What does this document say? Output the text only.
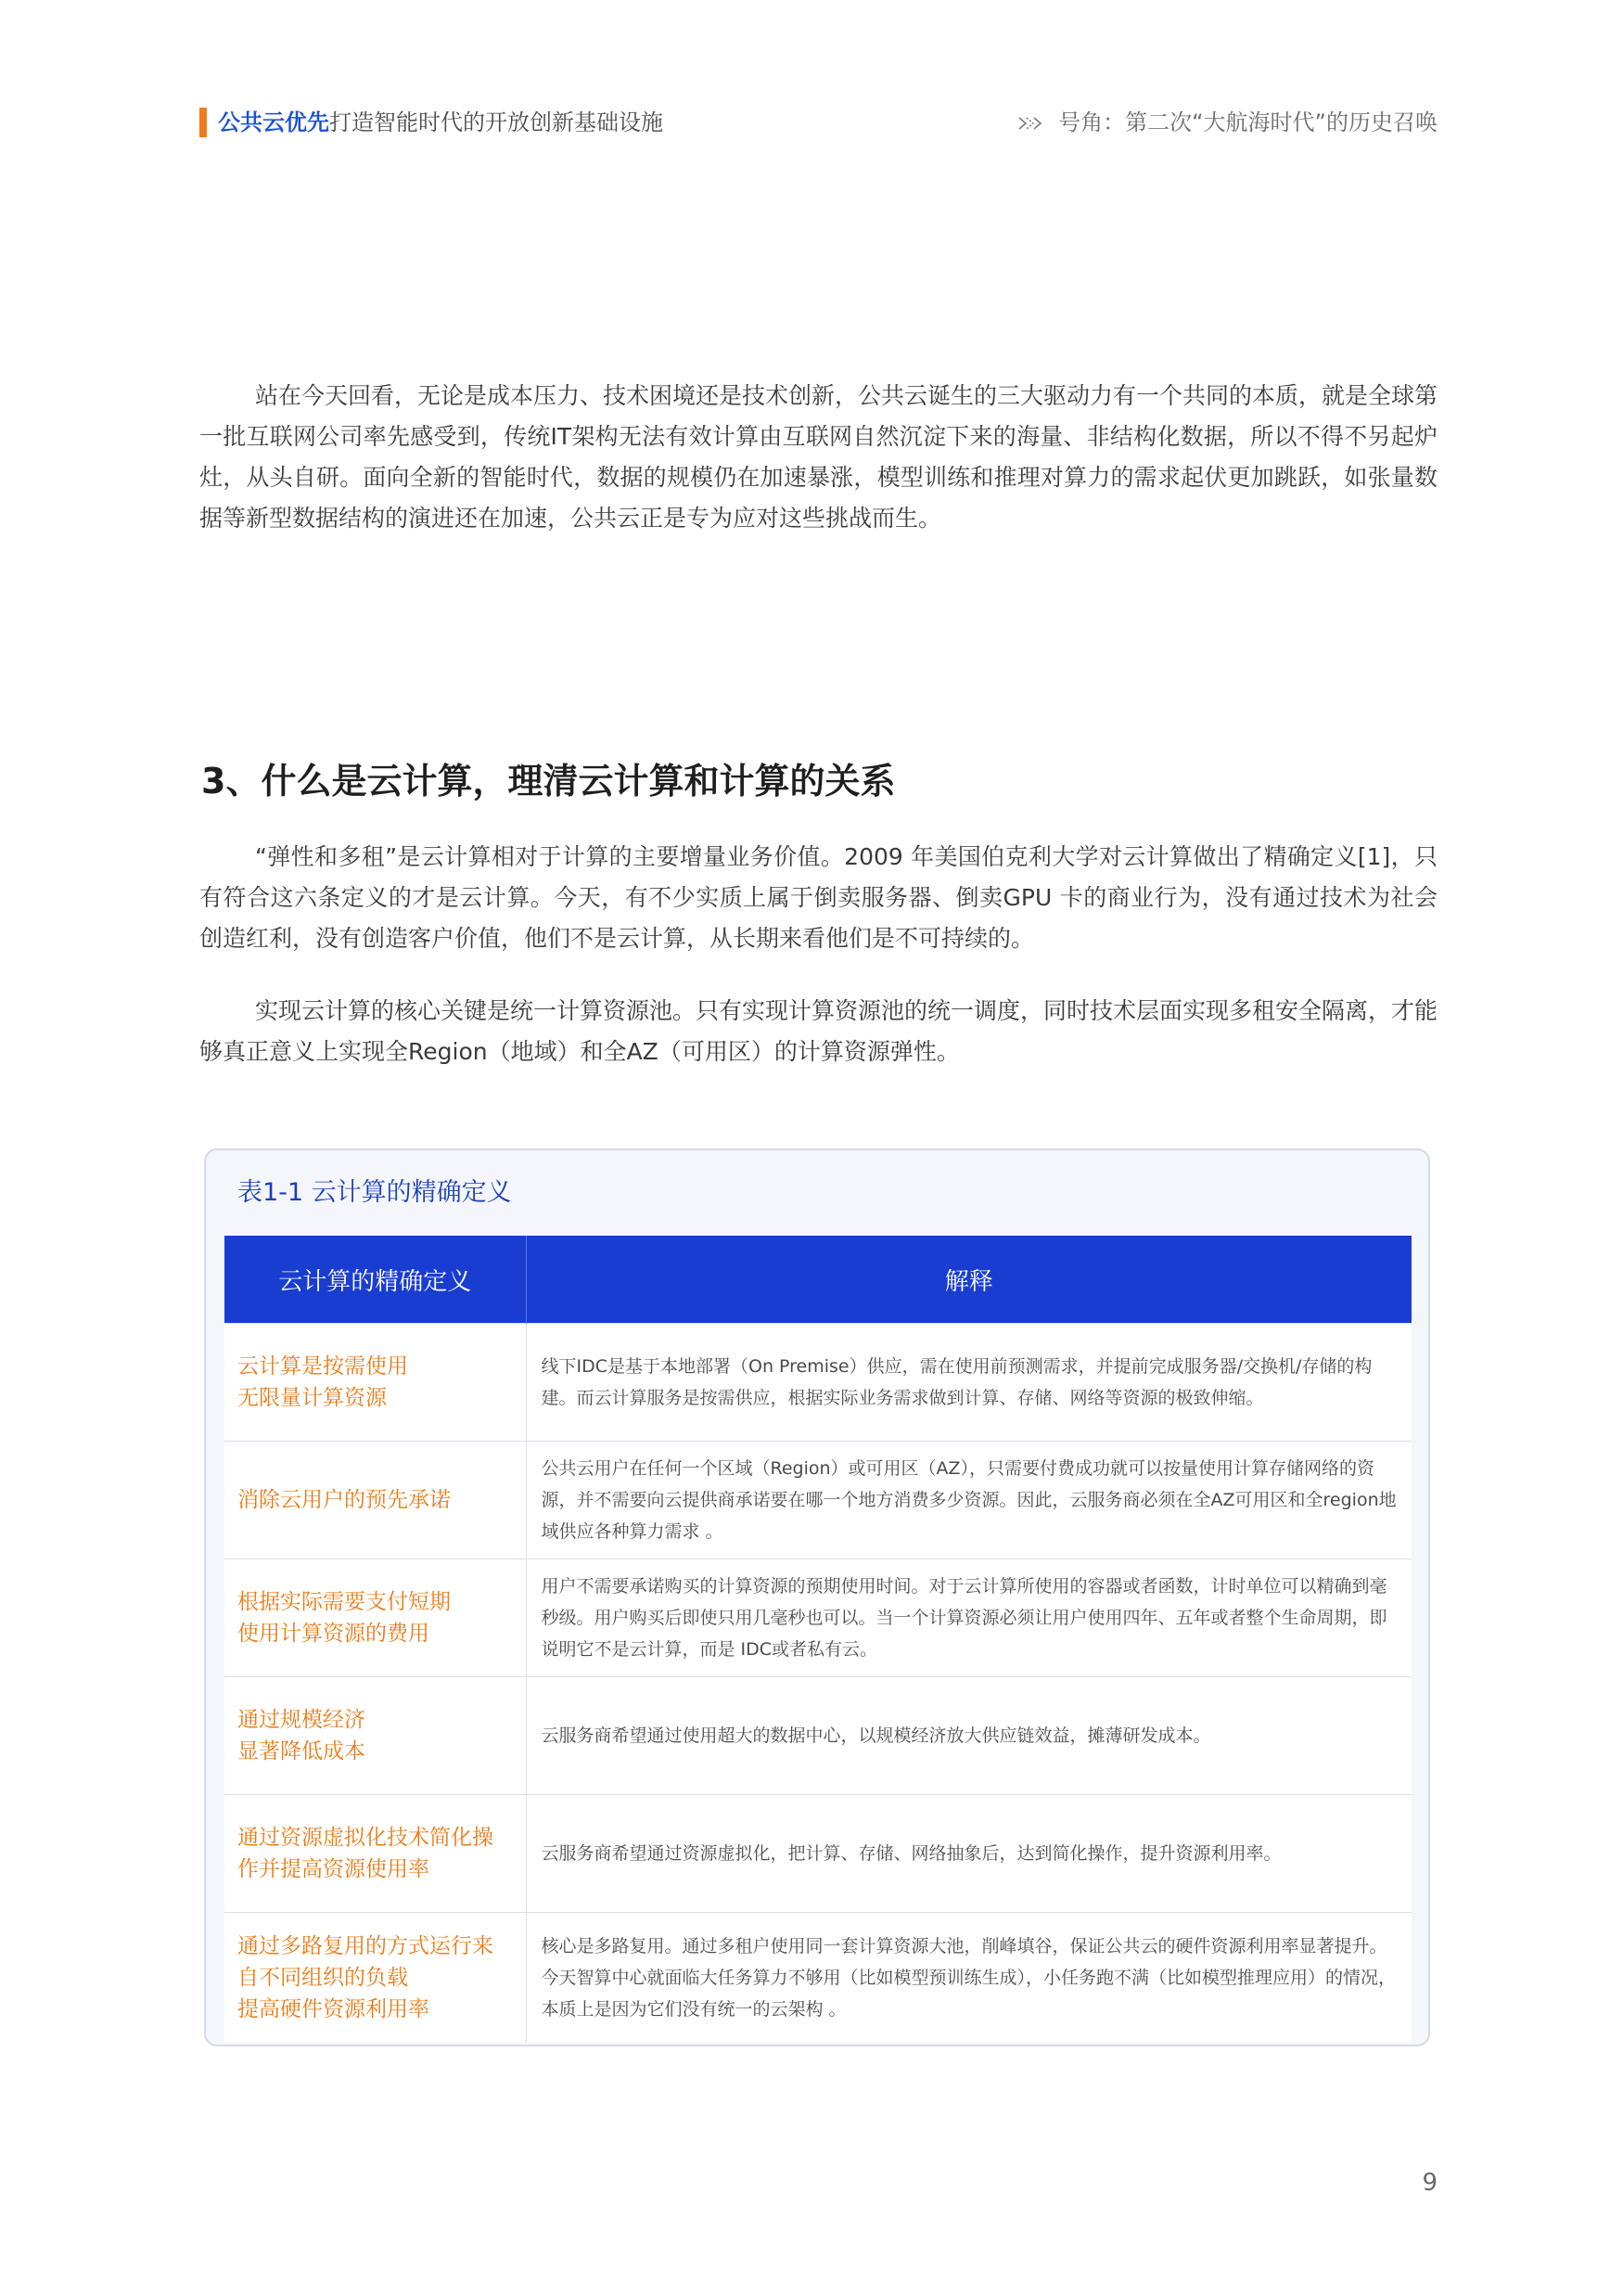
公共云优先打造智能时代的开放创新基础设施	号角：第二次“大航海时代”的历史召唤

站在今天回看，无论是成本压力、技术困境还是技术创新，公共云诞生的三大驱动力有一个共同的本质，就是全球第一批互联网公司率先感受到，传统IT架构无法有效计算由互联网自然沉淀下来的海量、非结构化数据，所以不得不另起炉灶，从头自研。面向全新的智能时代，数据的规模仍在加速暴涨，模型训练和推理对算力的需求起伏更加跳跃，如张量数据等新型数据结构的演进还在加速，公共云正是专为应对这些挑战而生。

3、什么是云计算，理清云计算和计算的关系

“弹性和多租”是云计算相对于计算的主要增量业务价值。2009 年美国伯克利大学对云计算做出了精确定义[1]，只有符合这六条定义的才是云计算。今天，有不少实质上属于倒卖服务器、倒卖GPU 卡的商业行为，没有通过技术为社会创造红利，没有创造客户价值，他们不是云计算，从长期来看他们是不可持续的。

实现云计算的核心关键是统一计算资源池。只有实现计算资源池的统一调度，同时技术层面实现多租安全隔离，才能够真正意义上实现全Region（地域）和全AZ（可用区）的计算资源弹性。

表1-1 云计算的精确定义
云计算的精确定义	解释

云计算是按需使用
无限量计算资源	线下IDC是基于本地部署（On Premise）供应，需在使用前预测需求，并提前完成服务器/交换机/存储的构建。而云计算服务是按需供应，根据实际业务需求做到计算、存储、网络等资源的极致伸缩。

消除云用户的预先承诺	公共云用户在任何一个区域（Region）或可用区（AZ），只需要付费成功就可以按量使用计算存储网络的资源，并不需要向云提供商承诺要在哪一个地方消费多少资源。因此，云服务商必须在全AZ可用区和全region地域供应各种算力需求 。

根据实际需要支付短期
使用计算资源的费用	用户不需要承诺购买的计算资源的预期使用时间。对于云计算所使用的容器或者函数，计时单位可以精确到毫秒级。用户购买后即使只用几毫秒也可以。当一个计算资源必须让用户使用四年、五年或者整个生命周期，即说明它不是云计算，而是 IDC或者私有云。

通过规模经济
显著降低成本	云服务商希望通过使用超大的数据中心，以规模经济放大供应链效益，摊薄研发成本。

通过资源虚拟化技术简化操
作并提高资源使用率	云服务商希望通过资源虚拟化，把计算、存储、网络抽象后，达到简化操作，提升资源利用率。

通过多路复用的方式运行来
自不同组织的负载
提高硬件资源利用率	核心是多路复用。通过多租户使用同一套计算资源大池，削峰填谷，保证公共云的硬件资源利用率显著提升。今天智算中心就面临大任务算力不够用（比如模型预训练生成），小任务跑不满（比如模型推理应用）的情况，本质上是因为它们没有统一的云架构 。
9
